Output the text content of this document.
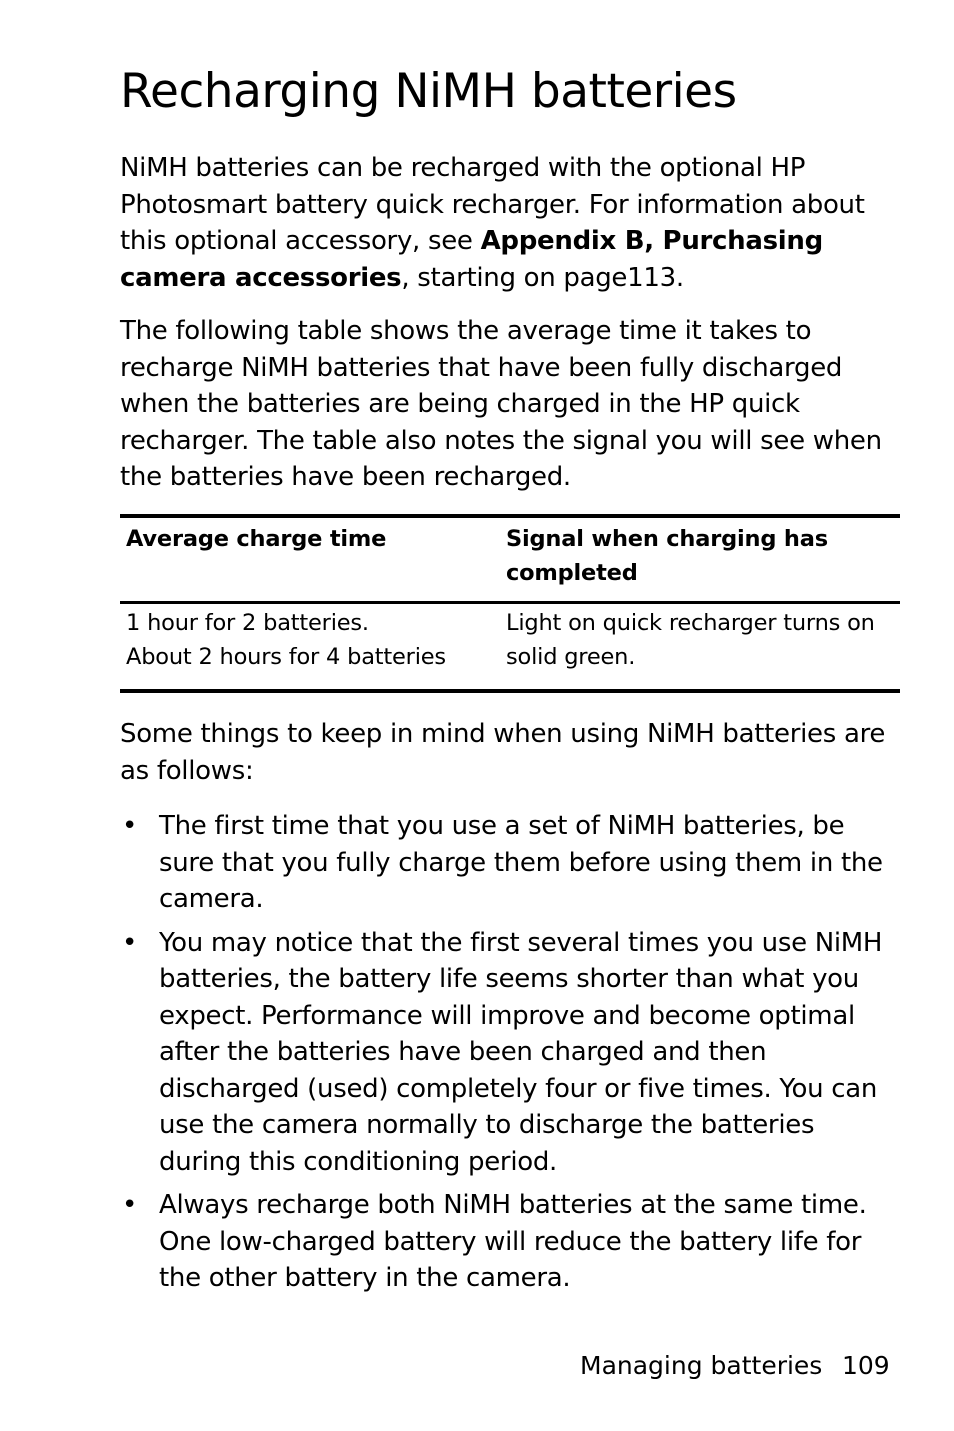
Recharging NiMH batteries

NiMH batteries can be recharged with the optional HP Photosmart battery quick recharger. For information about this optional accessory, see Appendix B, Purchasing camera accessories, starting on page113.

The following table shows the average time it takes to recharge NiMH batteries that have been fully discharged when the batteries are being charged in the HP quick recharger. The table also notes the signal you will see when the batteries have been recharged.

Average charge time	Signal when charging has completed
1 hour for 2 batteries.
About 2 hours for 4 batteries
Light on quick recharger turns on solid green.

Some things to keep in mind when using NiMH batteries are as follows:

• The first time that you use a set of NiMH batteries, be sure that you fully charge them before using them in the camera.
• You may notice that the first several times you use NiMH batteries, the battery life seems shorter than what you expect. Performance will improve and become optimal after the batteries have been charged and then discharged (used) completely four or five times. You can use the camera normally to discharge the batteries during this conditioning period.
• Always recharge both NiMH batteries at the same time. One low-charged battery will reduce the battery life for the other battery in the camera.
Managing batteries 109
